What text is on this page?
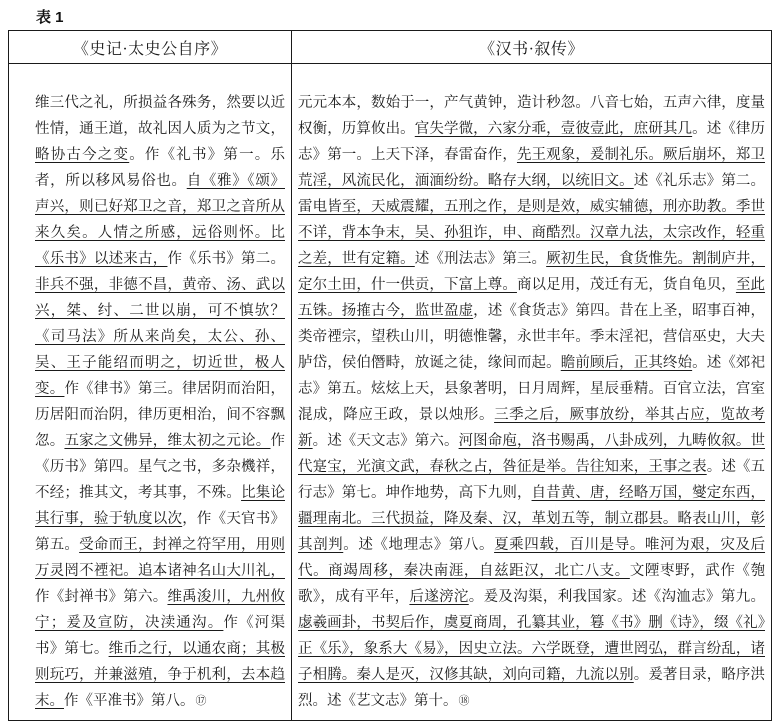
表 1
《史记·太史公自序》	《汉书·叙传》
维三代之礼，所损益各殊务，然要以近性情，通王道，故礼因人质为之节文，略协古今之变。作《礼书》第一。乐者，所以移风易俗也。自《雅》《颂》声兴，则已好郑卫之音，郑卫之音所从来久矣。人情之所感，远俗则怀。比《乐书》以述来古，作《乐书》第二。非兵不强，非德不昌，黄帝、汤、武以兴，桀、纣、二世以崩，可不慎欤？《司马法》所从来尚矣，太公、孙、吴、王子能绍而明之，切近世，极人变。作《律书》第三。律居阴而治阳，历居阳而治阴，律历更相治，间不容飘忽。五家之文佛异，维太初之元论。作《历书》第四。星气之书，多杂機祥，不经；推其文，考其事，不殊。比集论其行事，验于轨度以次，作《天官书》第五。受命而王，封禅之符罕用，用则万灵罔不禋祀。追本诸神名山大川礼，作《封禅书》第六。维禹浚川，九州攸宁；爰及宣防，决渎通沟。作《河渠书》第七。维币之行，以通农商；其极则玩巧，并兼滋殖，争于机利，去本趋末。作《平准书》第八。⑰	元元本本，数始于一，产气黄钟，造计秒忽。八音七始，五声六律，度量权衡，历算攸出。官失学微，六家分乖，壹彼壹此，庶研其几。述《律历志》第一。上天下泽，春雷奋作，先王观象，爰制礼乐。厥后崩坏，郑卫荒淫，风流民化，湎湎纷纷。略存大纲，以统旧文。述《礼乐志》第二。雷电皆至，天威震耀，五刑之作，是则是效，威实辅德，刑亦助教。季世不详，背本争末，吴、孙狙诈，申、商酷烈。汉章九法，太宗改作，轻重之差，世有定籍。述《刑法志》第三。厥初生民，食货惟先。割制庐井，定尔土田，什一供贡，下富上尊。商以足用，茂迁有无，货自龟贝，至此五铢。扬搉古今，监世盈虚，述《食货志》第四。昔在上圣，昭事百神，类帝禋宗，望秩山川，明德惟馨，永世丰年。季末淫祀，营信巫史，大夫胪岱，侯伯僭畤，放诞之徒，缘间而起。瞻前顾后，正其终始。述《郊祀志》第五。炫炫上天，县象著明，日月周辉，星辰垂精。百官立法，宫室混成，降应王政，景以烛形。三季之后，厥事放纷，举其占应，览故考新。述《天文志》第六。河图命庖，洛书赐禹，八卦成列，九畴攸叙。世代寔宝，光演文武，春秋之占，咎征是举。告往知来，王事之表。述《五行志》第七。坤作地势，高下九则，自昔黄、唐，经略万国，燮定东西，疆理南北。三代损益，降及秦、汉，革划五等，制立郡县。略表山川，彰其剖判。述《地理志》第八。夏乘四载，百川是导。唯河为艰，灾及后代。商竭周移，秦决南涯，自兹距汉，北亡八支。文陻枣野，武作《匏歌》，成有平年，后遂滂沱。爰及沟渠，利我国家。述《沟洫志》第九。虙羲画卦，书契后作，虞夏商周，孔纂其业，篹《书》删《诗》，缀《礼》正《乐》，象系大《易》，因史立法。六学既登，遭世罔弘，群言纷乱，诸子相腾。秦人是灭，汉修其缺，刘向司籍，九流以别。爰著目录，略序洪烈。述《艺文志》第十。⑱
